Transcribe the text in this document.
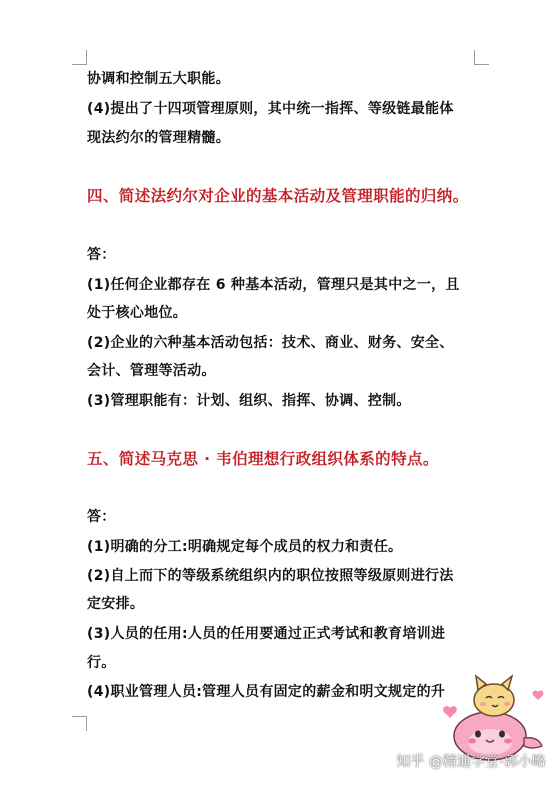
协调和控制五大职能。
(4)提出了十四项管理原则，其中统一指挥、等级链最能体
现法约尔的管理精髓。
四、简述法约尔对企业的基本活动及管理职能的归纳。
答：
(1)任何企业都存在 6 种基本活动，管理只是其中之一，且
处于核心地位。
(2)企业的六种基本活动包括：技术、商业、财务、安全、
会计、管理等活动。
(3)管理职能有：计划、组织、指挥、协调、控制。
五、简述马克思 · 韦伯理想行政组织体系的特点。
答：
(1)明确的分工:明确规定每个成员的权力和责任。
(2)自上而下的等级系统组织内的职位按照等级原则进行法
定安排。
(3)人员的任用:人员的任用要通过正式考试和教育培训进
行。
(4)职业管理人员:管理人员有固定的薪金和明文规定的升
知乎 @精通学堂-郭小略
